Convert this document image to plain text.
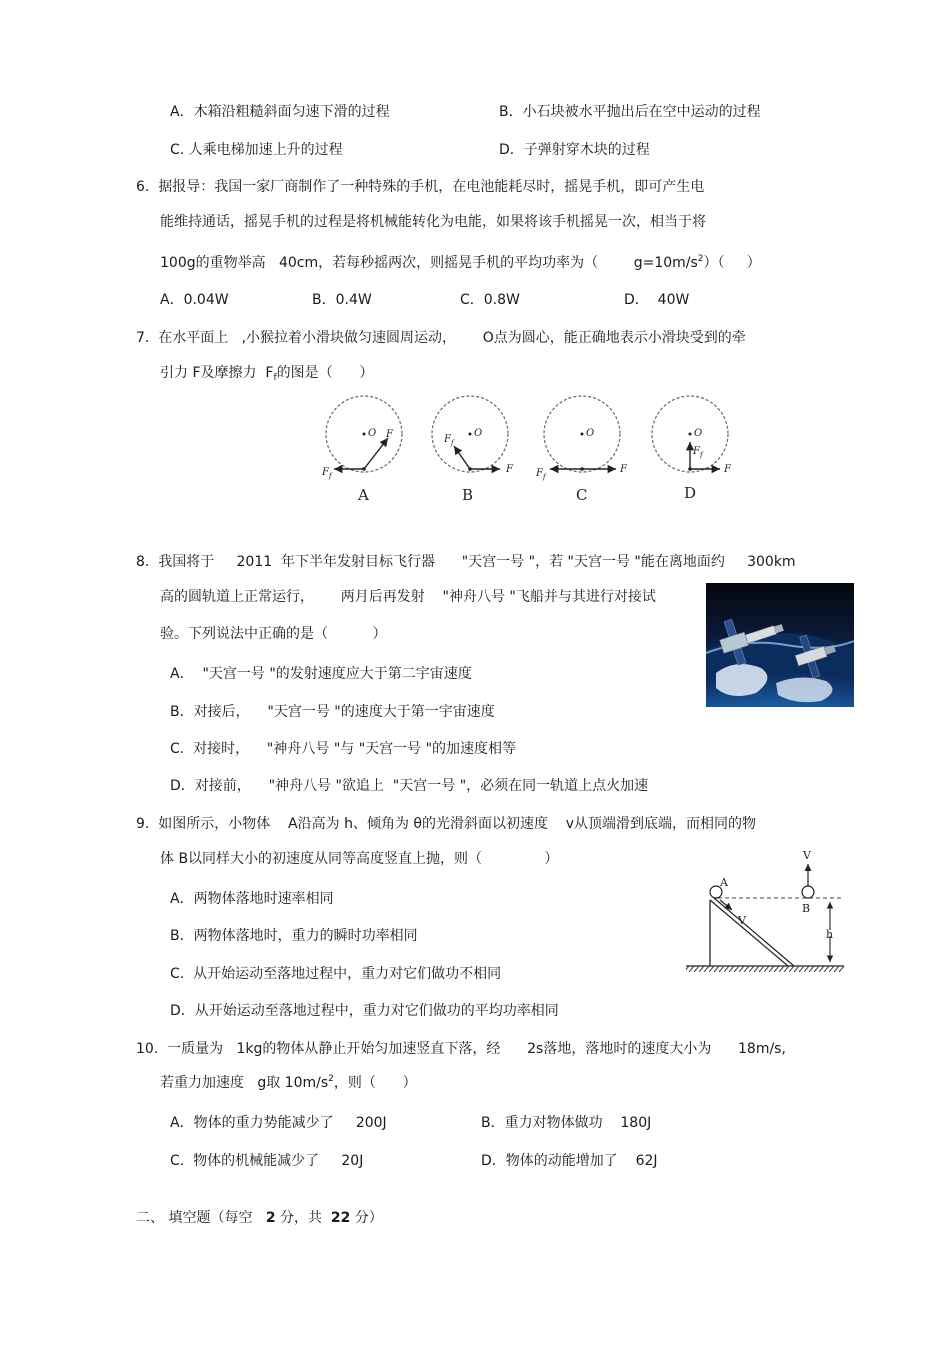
A．木箱沿粗糙斜面匀速下滑的过程	B．小石块被水平抛出后在空中运动的过程
C. 人乘电梯加速上升的过程	D．子弹射穿木块的过程
6.  据报导：我国一家厂商制作了一种特殊的手机，在电池能耗尽时，摇晃手机，即可产生电
能维持通话，摇晃手机的过程是将机械能转化为电能，如果将该手机摇晃一次，相当于将
100g的重物举高   40cm，若每秒摇两次，则摇晃手机的平均功率为（        $g=10m/s^2$）（     ）
A．0.04W	B．0.4W	C．0.8W	D．  40W
7.  在水平面上   ,小猴拉着小滑块做匀速圆周运动，      O点为圆心，能正确地表示小滑块受到的牵
引力 F及摩擦力  $F_f$的图是（      ）
O F
$F_f$
A
O
F
$F_f$
B
O
F
$F_f$
C
O
F
$F_f$
D
8.  我国将于     2011  年下半年发射目标飞行器      "天宫一号 "，若 "天宫一号 "能在离地面约     300km
高的圆轨道上正常运行，      两月后再发射    "神舟八号 "飞船并与其进行对接试
验。下列说法中正确的是（          ）
A．  "天宫一号 "的发射速度应大于第二宇宙速度
B．对接后，    "天宫一号 "的速度大于第一宇宙速度
C.  对接时，    "神舟八号 "与 "天宫一号 "的加速度相等
D．对接前，    "神舟八号 "欲追上  "天宫一号 "，必须在同一轨道上点火加速
9.  如图所示，小物体    A沿高为 h、倾角为 θ的光滑斜面以初速度    v从顶端滑到底端，而相同的物
体 B以同样大小的初速度从同等高度竖直上抛，则（              ）
A．两物体落地时速率相同
B．两物体落地时，重力的瞬时功率相同
C.  从开始运动至落地过程中，重力对它们做功不相同
D．从开始运动至落地过程中，重力对它们做功的平均功率相同
A
V
B
V
h
10.  一质量为   1kg的物体从静止开始匀加速竖直下落，经      2s落地，落地时的速度大小为      18m/s,
若重力加速度   g取 $10m/s^2$，则（      ）
A．物体的重力势能减少了     200J	B．重力对物体做功    180J
C.  物体的机械能减少了     20J	D．物体的动能增加了    62J
二、 填空题（每空   2 分，共  22 分）
